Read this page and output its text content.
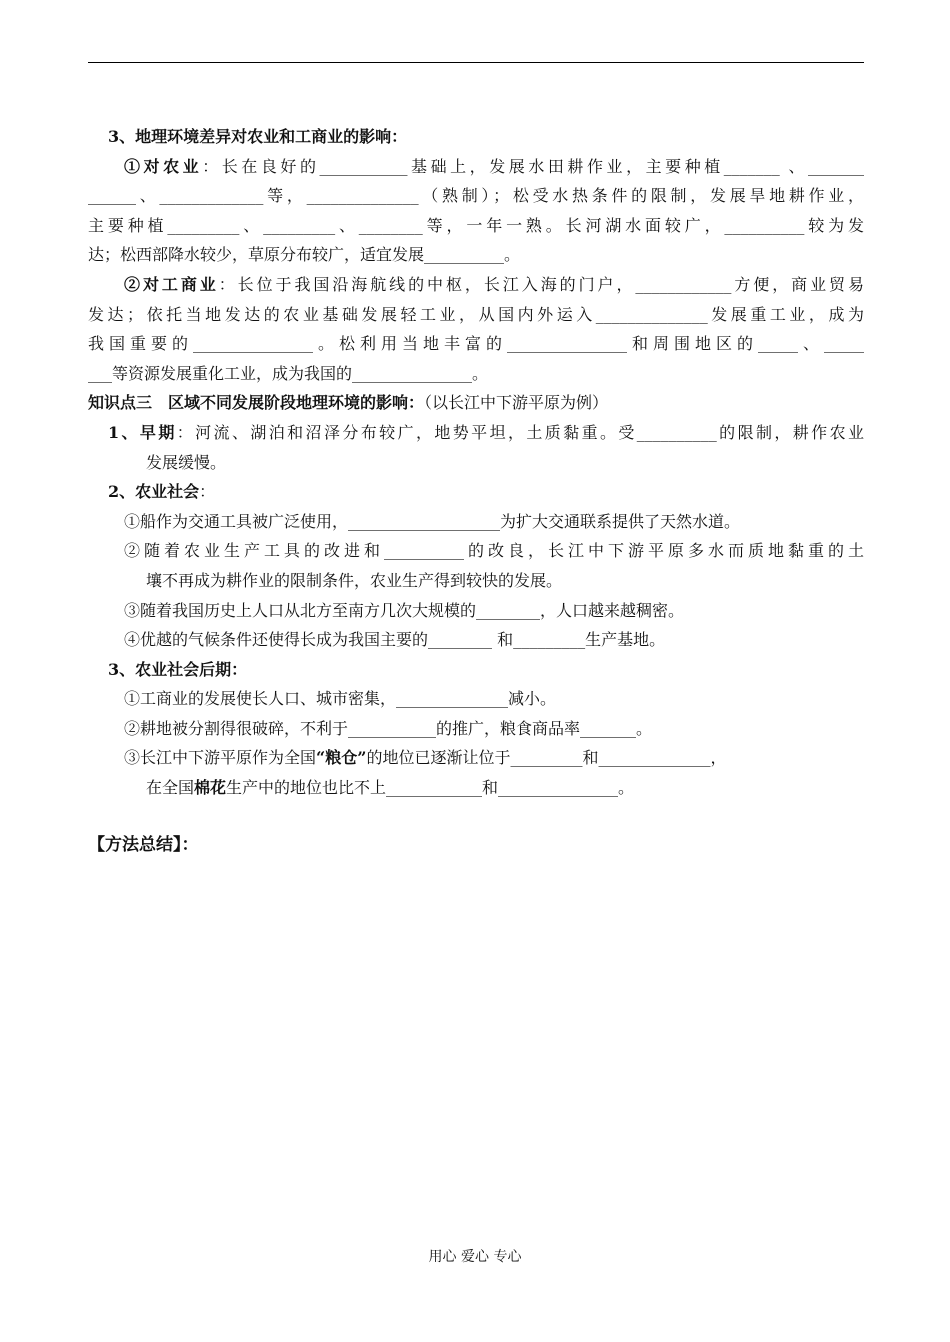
3、地理环境差异对农业和工商业的影响：
①对农业：长在良好的___________基础上，发展水田耕作业，主要种植_______ 、_______
______、_____________等，______________（熟制）；松受水热条件的限制，发展旱地耕作业，
主要种植_________、_________、________等，一年一熟。长河湖水面较广，__________较为发
达；松西部降水较少，草原分布较广，适宜发展__________。
②对工商业：长位于我国沿海航线的中枢，长江入海的门户，____________方便，商业贸易
发达；依托当地发达的农业基础发展轻工业，从国内外运入______________发展重工业，成为
我国重要的_______________。松利用当地丰富的_______________和周围地区的_____、_____
___等资源发展重化工业，成为我国的_______________。
知识点三　区域不同发展阶段地理环境的影响：（以长江中下游平原为例）
1、早期：河流、湖泊和沼泽分布较广，地势平坦，土质黏重。受__________的限制，耕作农业
发展缓慢。
2、农业社会：
①船作为交通工具被广泛使用，___________________为扩大交通联系提供了天然水道。
②随着农业生产工具的改进和__________的改良，长江中下游平原多水而质地黏重的土
壤不再成为耕作业的限制条件，农业生产得到较快的发展。
③随着我国历史上人口从北方至南方几次大规模的________，人口越来越稠密。
④优越的气候条件还使得长成为我国主要的________ 和_________生产基地。
3、农业社会后期：
①工商业的发展使长人口、城市密集，______________减小。
②耕地被分割得很破碎，不利于___________的推广，粮食商品率_______。
③长江中下游平原作为全国“粮仓”的地位已逐渐让位于_________和______________，
在全国棉花生产中的地位也比不上____________和_______________。
【方法总结】：
用心 爱心 专心
